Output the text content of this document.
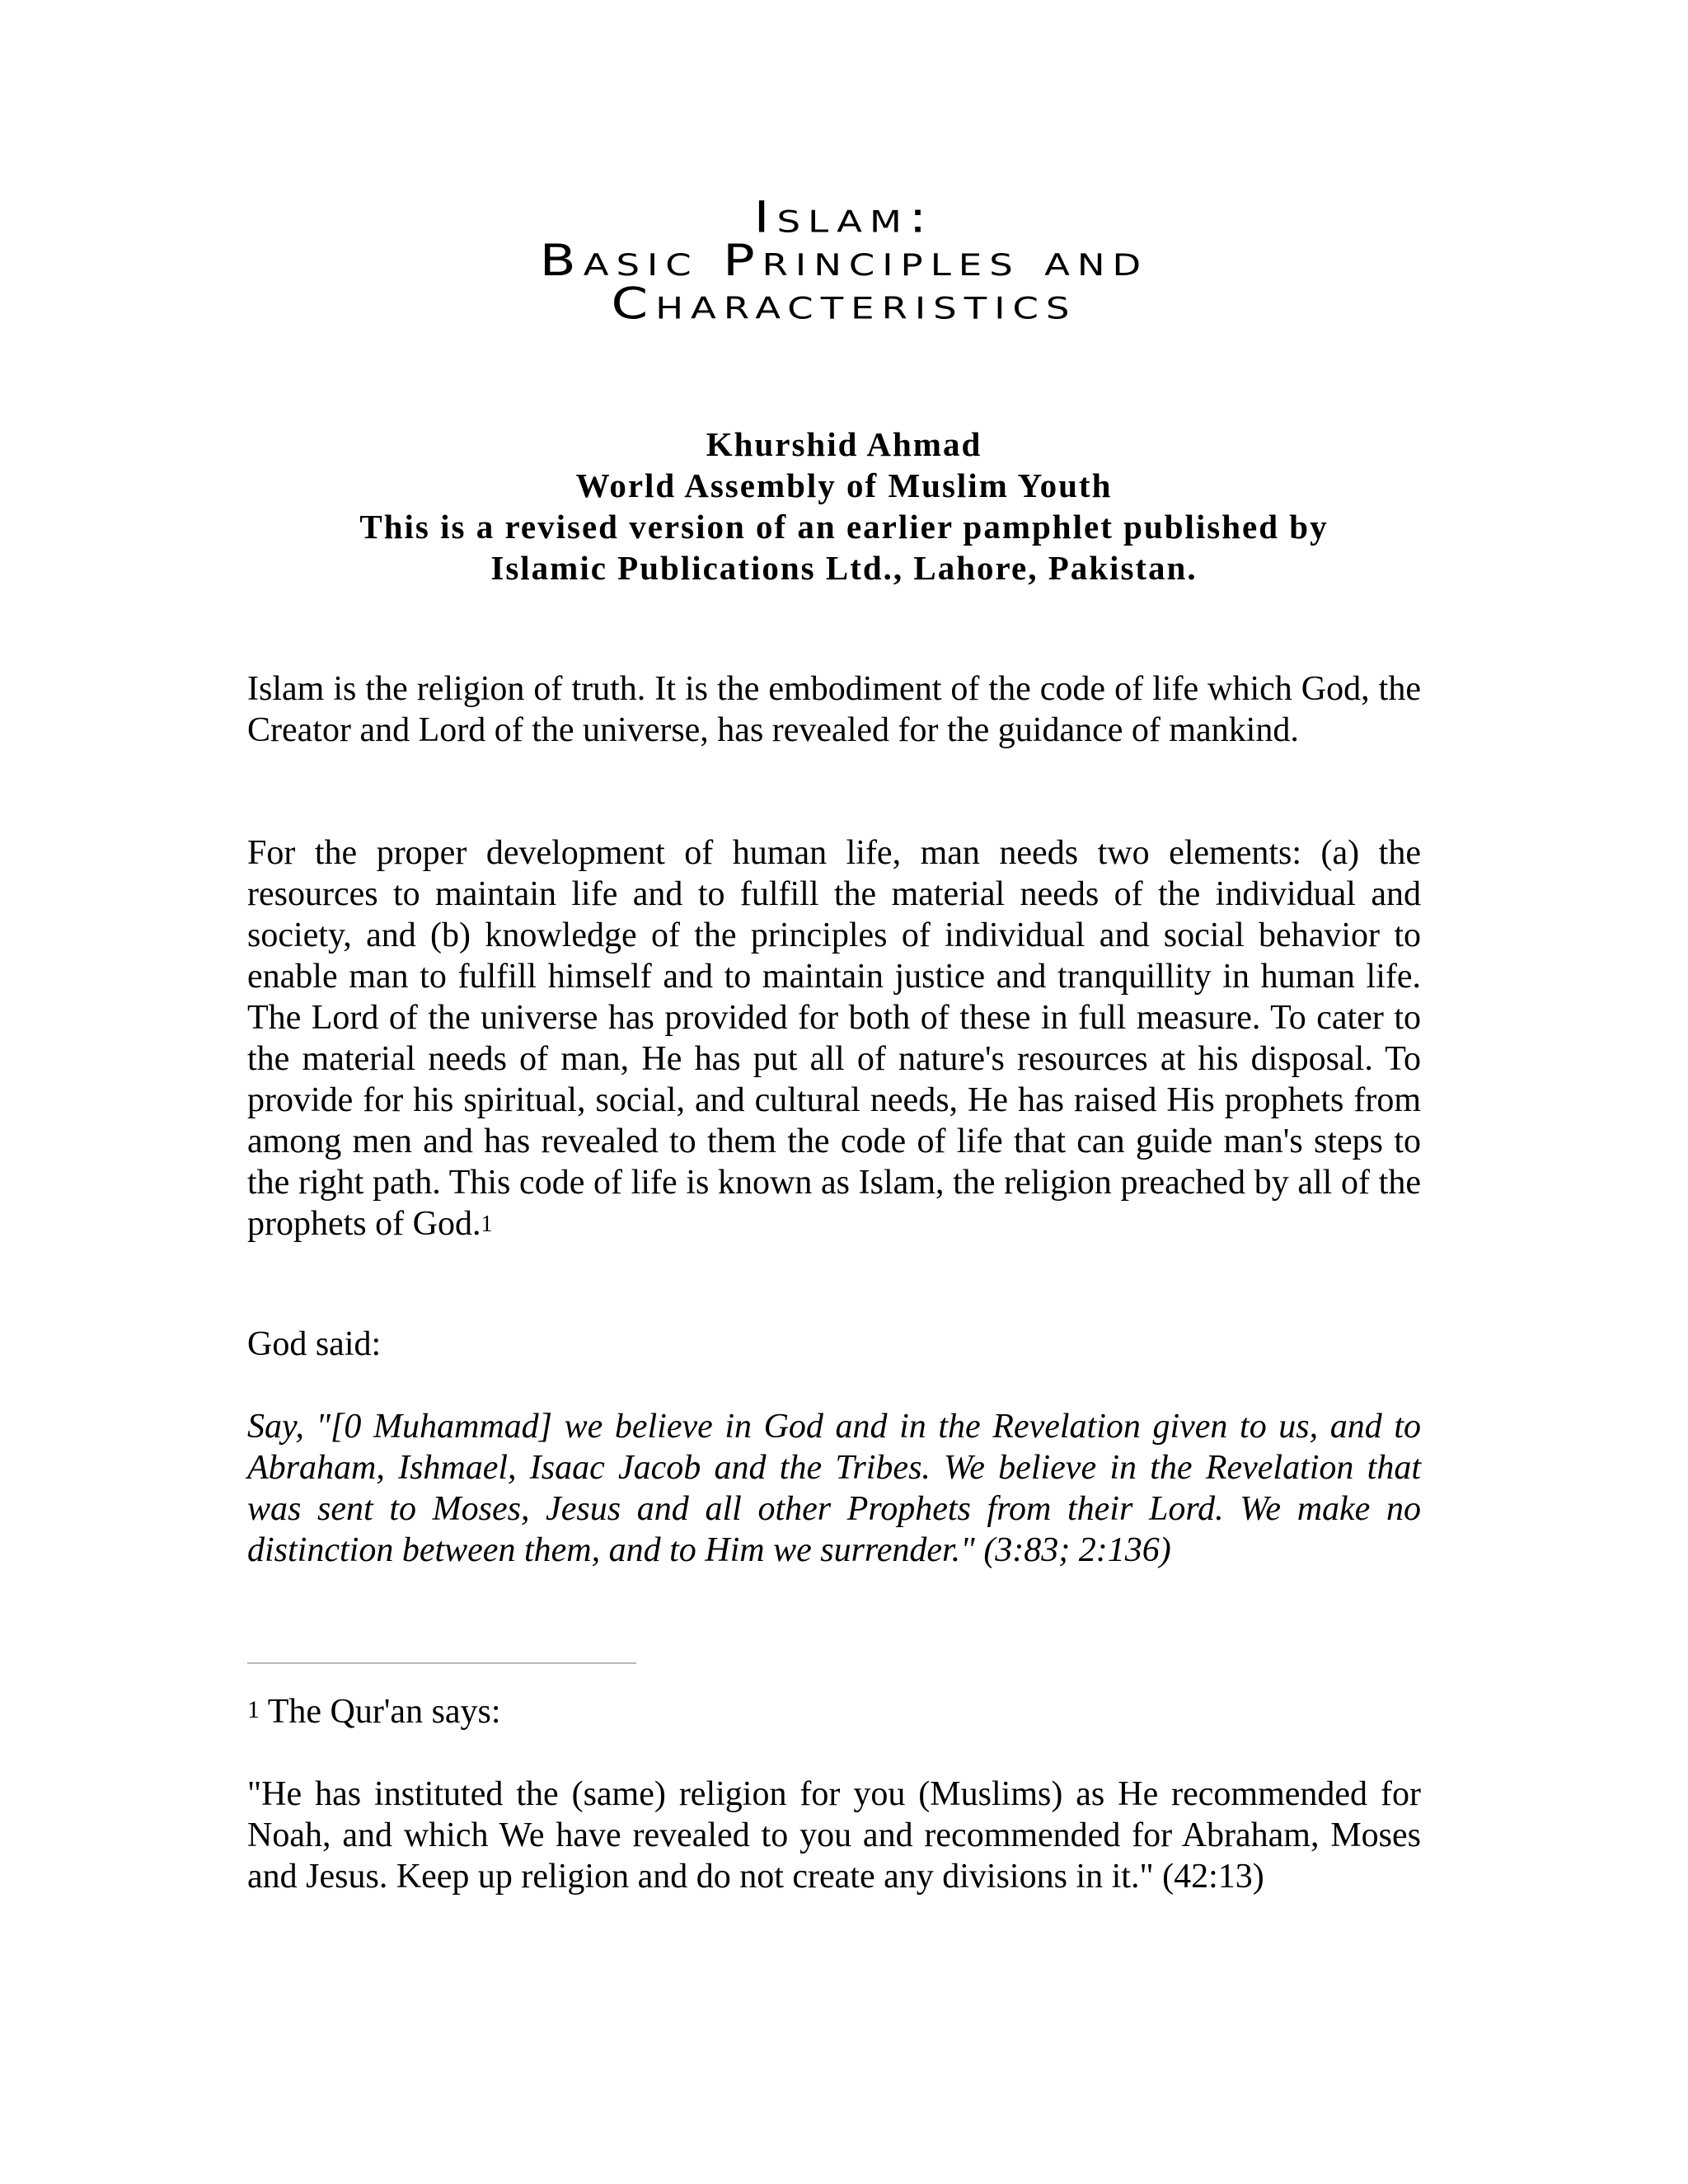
Islam:
Basic Principles and
Characteristics
Khurshid Ahmad
World Assembly of Muslim Youth
This is a revised version of an earlier pamphlet published by
Islamic Publications Ltd., Lahore, Pakistan.
Islam is the religion of truth. It is the embodiment of the code of life which God, the Creator and Lord of the universe, has revealed for the guidance of mankind.
For the proper development of human life, man needs two elements: (a) the resources to maintain life and to fulfill the material needs of the individual and society, and (b) knowledge of the principles of individual and social behavior to enable man to fulfill himself and to maintain justice and tranquillity in human life. The Lord of the universe has provided for both of these in full measure. To cater to the material needs of man, He has put all of nature's resources at his disposal. To provide for his spiritual, social, and cultural needs, He has raised His prophets from among men and has revealed to them the code of life that can guide man's steps to the right path. This code of life is known as Islam, the religion preached by all of the prophets of God.$^1$
God said:
Say, "[0 Muhammad] we believe in God and in the Revelation given to us, and to Abraham, Ishmael, Isaac Jacob and the Tribes. We believe in the Revelation that was sent to Moses, Jesus and all other Prophets from their Lord. We make no distinction between them, and to Him we surrender." (3:83; 2:136)
1 The Qur'an says:
"He has instituted the (same) religion for you (Muslims) as He recommended for Noah, and which We have revealed to you and recommended for Abraham, Moses and Jesus. Keep up religion and do not create any divisions in it." (42:13)
